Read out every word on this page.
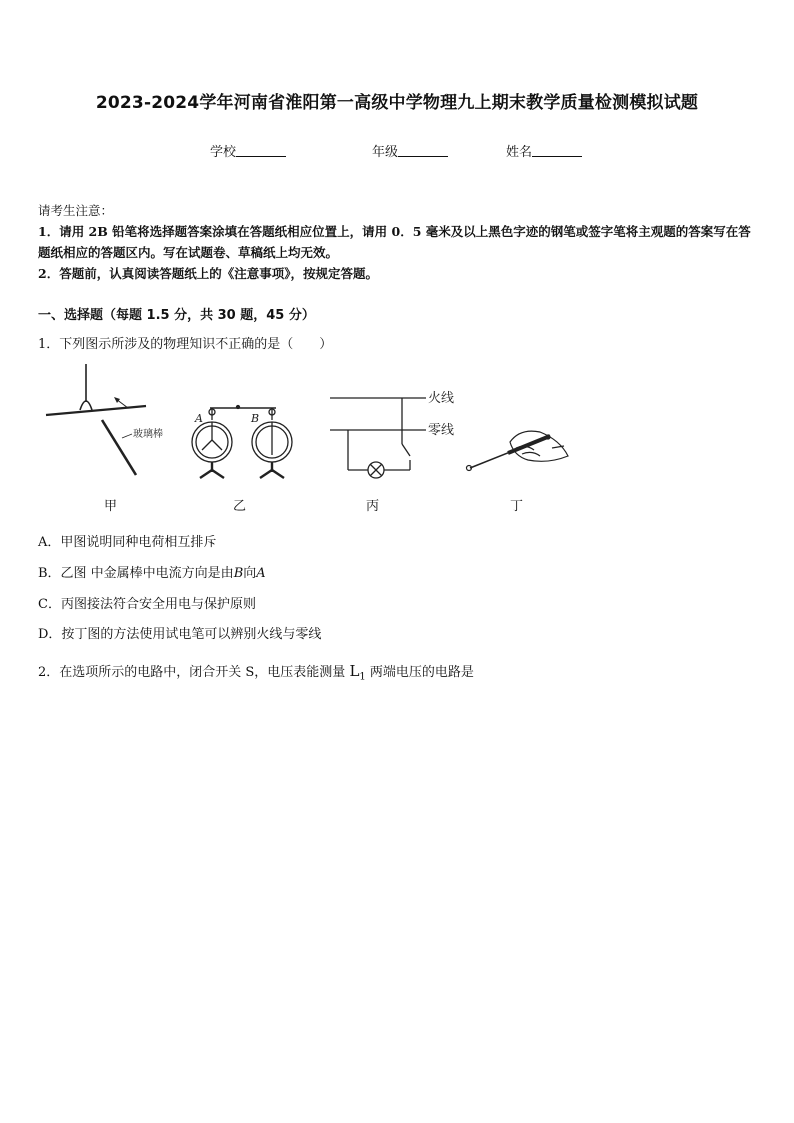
2023-2024学年河南省淮阳第一高级中学物理九上期末教学质量检测模拟试题
学校	年级	姓名
请考生注意：
1．请用 2B 铅笔将选择题答案涂填在答题纸相应位置上，请用 0．5 毫米及以上黑色字迹的钢笔或签字笔将主观题的答案写在答题纸相应的答题区内。写在试题卷、草稿纸上均无效。
2．答题前，认真阅读答题纸上的《注意事项》，按规定答题。
一、选择题（每题 1.5 分，共 30 题，45 分）
1．下列图示所涉及的物理知识不正确的是（　　）
玻璃棒
A	B
火线
零线
甲	乙	丙	丁
A．甲图说明同种电荷相互排斥
B．乙图 中金属棒中电流方向是由B向A
C．丙图接法符合安全用电与保护原则
D．按丁图的方法使用试电笔可以辨别火线与零线
2．在选项所示的电路中，闭合开关 S，电压表能测量 $L_1$ 两端电压的电路是
